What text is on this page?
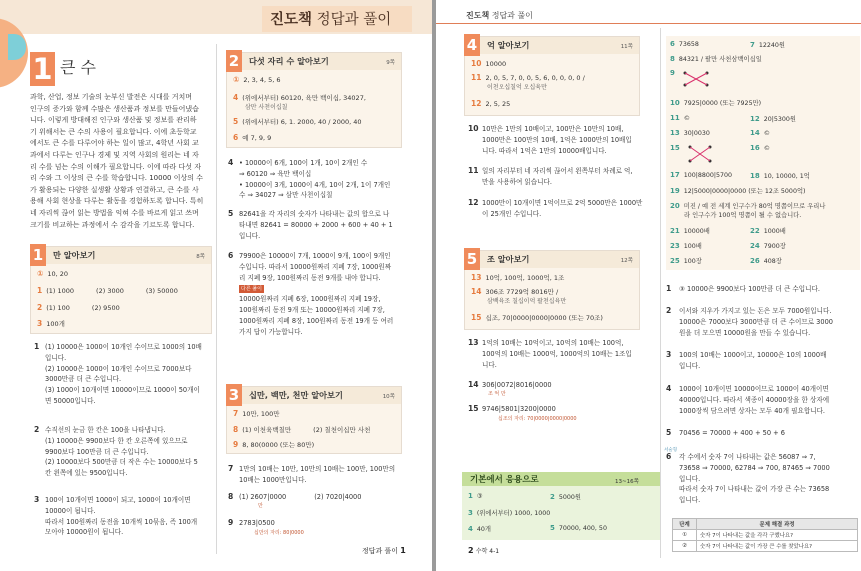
진도책 정답과 풀이
1 큰 수
과학, 산업, 정보 기술의 눈부신 발전은 시대를 거치며
인구의 증가와 함께 수많은 생산품과 정보를 만들어냈습
니다. 이렇게 방대해진 인구와 생산품 및 정보를 관리하
기 위해서는 큰 수의 사용이 필요합니다. 이에 초등학교
에서도 큰 수를 다루어야 하는 일이 많고, 4학년 사회 교
과에서 다루는 인구나 경제 및 지역 사회의 원리는 네 자
리 수를 넘는 수의 이해가 필요합니다. 이에 따라 다섯 자
리 수와 그 이상의 큰 수를 학습합니다. 10000 이상의 수
가 활용되는 다양한 실생활 상황과 연결하고, 큰 수를 사
용해 사회 현상을 다루는 활동을 경험하도록 합니다. 특히
네 자리씩 끊어 읽는 방법을 익혀 수를 바르게 읽고 쓰며
크기를 비교하는 과정에서 수 감각을 기르도록 합니다.
1	만 알아보기	8쪽
① 10, 20
1 (1) 1000	(2) 3000	(3) 50000
2 (1) 100	(2) 9500
3 100개
1 (1) 10000은 1000이 10개인 수이므로 1000의 10배
입니다.
(2) 10000은 1000이 10개인 수이므로 7000보다
3000만큼 더 큰 수입니다.
(3) 1000이 10개이면 10000이므로 1000이 50개이
면 50000입니다.
2 수직선의 눈금 한 칸은 100을 나타냅니다.
(1) 10000은 9900보다 한 칸 오른쪽에 있으므로
9900보다 100만큼 더 큰 수입니다.
(2) 10000보다 500만큼 더 작은 수는 10000보다 5
칸 왼쪽에 있는 9500입니다.
3 100이 10개이면 1000이 되고, 1000이 10개이면
10000이 됩니다.
따라서 100원짜리 동전을 10개씩 10묶음, 즉 100개
모아야 10000원이 됩니다.
2	다섯 자리 수 알아보기	9쪽
① 2, 3, 4, 5, 6
4 (위에서부터) 60120, 육만 백이십, 34027,
삼만 사천이십칠
5 (위에서부터) 6, 1. 2000, 40 / 2000, 40
6 예 7, 9, 9
4 • 10000이 6개, 100이 1개, 10이 2개인 수
⇒ 60120 ⇒ 육만 백이십
• 10000이 3개, 1000이 4개, 10이 2개, 1이 7개인
수 ⇒ 34027 ⇒ 삼만 사천이십칠
5 82641을 각 자리의 숫자가 나타내는 값의 합으로 나
타내면 82641 = 80000 + 2000 + 600 + 40 + 1
입니다.
6 79900은 10000이 7개, 1000이 9개, 100이 9개인
수입니다. 따라서 10000원짜리 지폐 7장, 1000원짜
리 지폐 9장, 100원짜리 동전 9개를 내야 합니다.
다른 풀이
10000원짜리 지폐 6장, 1000원짜리 지폐 19장,
100원짜리 동전 9개 또는 10000원짜리 지폐 7장,
1000원짜리 지폐 8장, 100원짜리 동전 19개 등 여러
가지 답이 가능합니다.
3	십만, 백만, 천만 알아보기	10쪽
7 10만, 100만
8 (1) 이천육백칠만	(2) 칠천이십만 사천
9 8, 80(0000 (또는 80만)
7 1만의 10배는 10만, 10만의 10배는 100만, 100만의
10배는 1000만입니다.
8 (1) 2607|0000	(2) 7020|4000
만
9 2783|0500
십만의 자리: 80|0000
정답과 풀이 1
진도책 정답과 풀이
4	억 알아보기	11쪽
10 10000
11 2, 0, 5, 7, 0, 0, 5, 6, 0, 0, 0, 0 /
이천오십칠억 오십육만
12 2, 5, 25
10 10만은 1만의 10배이고, 100만은 10만의 10배,
1000만은 100만의 10배, 1억은 1000만의 10배입
니다. 따라서 1억은 1만의 10000배입니다.
11 일의 자리부터 네 자리씩 끊어서 왼쪽부터 차례로 억,
만을 사용하여 읽습니다.
12 1000만이 10개이면 1억이므로 2억 5000만은 1000만
이 25개인 수입니다.
5	조 알아보기	12쪽
13 10억, 100억, 1000억, 1조
14 306조 7729억 8016만 /
삼백육조 칠십이억 팔천십육만
15 십조, 70|0000|0000|0000 (또는 70조)
13 1억의 10배는 10억이고, 10억의 10배는 100억,
100억의 10배는 1000억, 1000억의 10배는 1조입
니다.
14 306|0072|8016|0000
조 억 만
15 9746|5801|3200|0000
십조의 자리: 70|0000|0000|0000
6 73658	7 12240원
8 84321 / 팔만 사천삼백이십일
9
10 7925|0000 (또는 7925만)
11 ©	12 20|5300원
13 30|0030	14 ©
15	16 ©
17 100|8800|5700	18 10, 10000, 1억
19 12|5000|0000|0000 (또는 12조 5000억)
20 미진 / 예 전 세계 인구수가 80억 명쯤이므로 우리나
라 인구수가 100억 명쯤이 될 수 없습니다.
21 10000배	22 1000배
23 100배	24 7900장
25 100장	26 408장
1 ③ 10000은 9900보다 100만큼 더 큰 수입니다.
2 이서와 지우가 가지고 있는 돈은 모두 7000원입니다.
10000은 7000보다 3000만큼 더 큰 수이므로 3000
원을 더 모으면 10000원을 만들 수 있습니다.
3 100의 10배는 1000이고, 10000은 10의 1000배
입니다.
4 1000이 10개이면 10000이므로 1000이 40개이면
40000입니다. 따라서 색종이 40000장을 한 상자에
1000장씩 담으려면 상자는 모두 40개 필요합니다.
5 70456 = 70000 + 400 + 50 + 6
서술형
6 각 수에서 숫자 7이 나타내는 값은 56087 ⇒ 7,
73658 ⇒ 70000, 62784 ⇒ 700, 87465 ⇒ 7000
입니다.
따라서 숫자 7이 나타내는 값이 가장 큰 수는 73658
입니다.
단계	문제 해결 과정
①	숫자 7이 나타내는 값을 각각 구했나요?
②	숫자 7이 나타내는 값이 가장 큰 수를 찾았나요?
2 수학 4-1
기본에서 응용으로	13~16쪽
1 ③	2 5000원
3 (위에서부터) 1000, 1000
4 40개	5 70000, 400, 50
